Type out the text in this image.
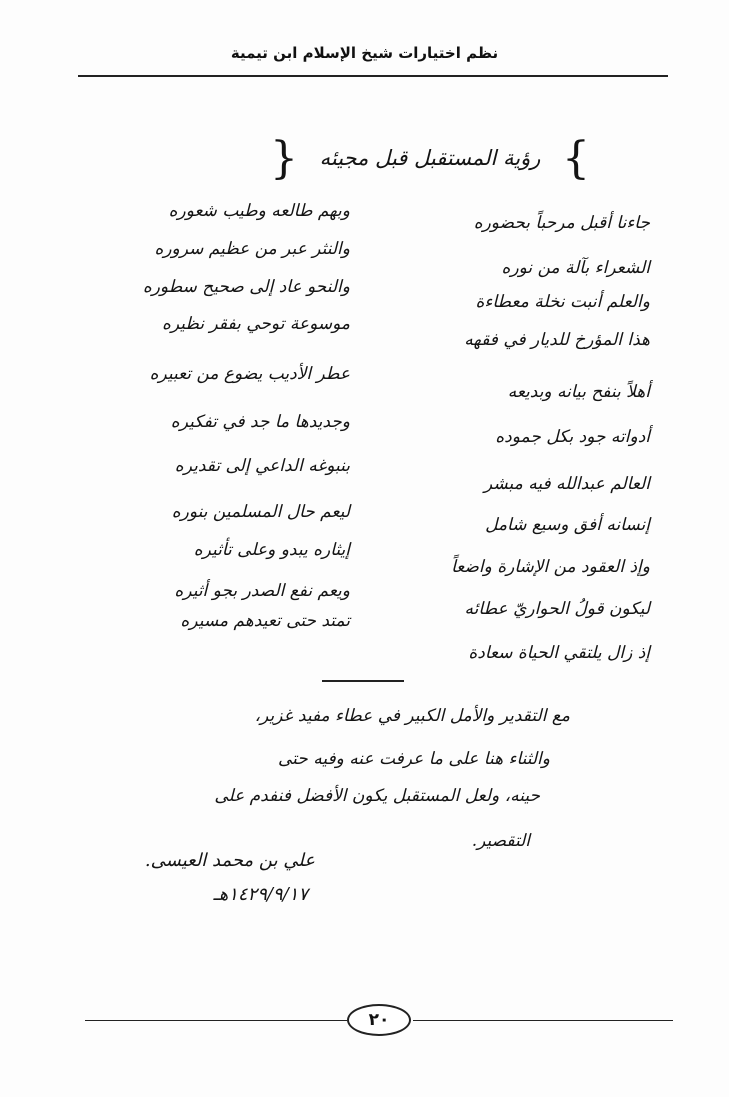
نظم اختيارات شيخ الإسلام ابن تيمية
}
رؤية المستقبل قبل مجيئه
{
جاءنا أقبل مرحباً بحضوره
الشعراء بآلة من نوره
والعلم أنبت نخلة معطاءة
هذا المؤرخ للديار في فقهه
أهلاً بنفح بيانه وبديعه
أدواته جود بكل جموده
العالم عبدالله فيه مبشر
إنسانه أفق وسيع شامل
وإذ العقود من الإشارة واضعاً
ليكون قولُ الحواريّ عطائه
إذ زال يلتقي الحياة سعادة
وبهم طالعه وطيب شعوره
والنثر عبر من عظيم سروره
والنحو عاد إلى صحيح سطوره
موسوعة توحي بفقر نظيره
عطر الأديب يضوع من تعبيره
وجديدها ما جد في تفكيره
بنبوغه الداعي إلى تقديره
ليعم حال المسلمين بنوره
إيثاره يبدو وعلى تأثيره
ويعم نفع الصدر بجو أثيره
تمتد حتى تعيدهم مسيره
مع التقدير والأمل الكبير في عطاء مفيد غزير،
والثناء هنا على ما عرفت عنه وفيه حتى
حينه، ولعل المستقبل يكون الأفضل فنفدم على
التقصير.
علي بن محمد العيسى.
١٤٢٩/٩/١٧هـ
٢٠
